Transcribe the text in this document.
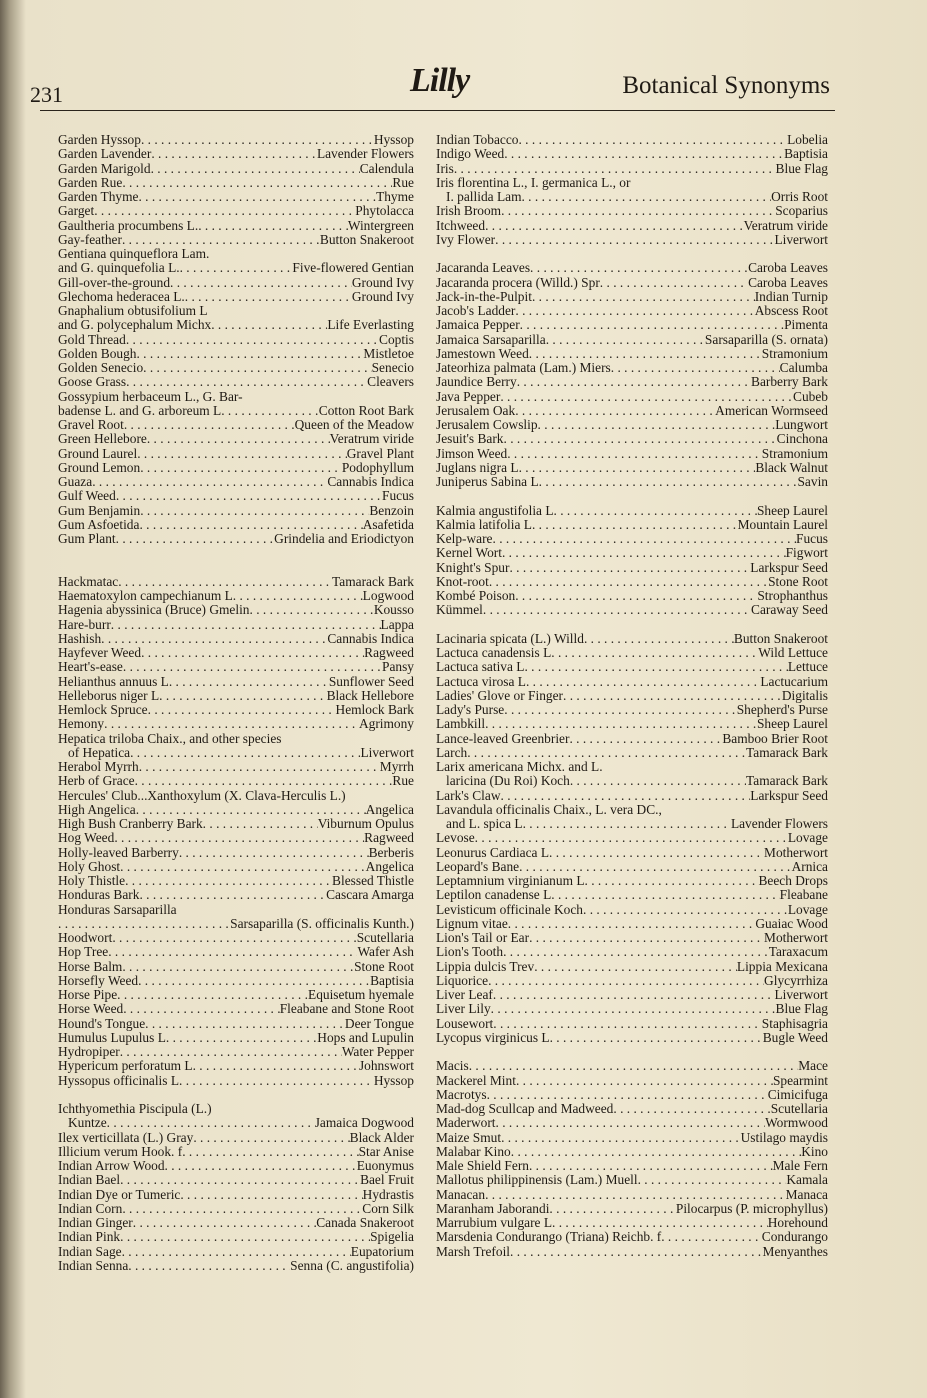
231	Lilly	Botanical Synonyms
Garden Hyssop . . .	Hyssop
Garden Lavender . . .	Lavender Flowers
Garden Marigold . . .	Calendula
Garden Rue . . .	Rue
Garden Thyme . . .	Thyme
Garget . . .	Phytolacca
Gaultheria procumbens L. . . .	Wintergreen
Gay-feather . . .	Button Snakeroot
Gentiana quinqueflora Lam.
and G. quinquefolia L. . . .	Five-flowered Gentian
Gill-over-the-ground . . .	Ground Ivy
Glechoma hederacea L. . . .	Ground Ivy
Gnaphalium obtusifolium L
and G. polycephalum Michx . . .	Life Everlasting
Gold Thread . . .	Coptis
Golden Bough . . .	Mistletoe
Golden Senecio . . .	Senecio
Goose Grass . . .	Cleavers
Gossypium herbaceum L., G. Bar-
badense L. and G. arboreum L . . .	Cotton Root Bark
Gravel Root . . .	Queen of the Meadow
Green Hellebore . . .	Veratrum viride
Ground Laurel . . .	Gravel Plant
Ground Lemon . . .	Podophyllum
Guaza . . .	Cannabis Indica
Gulf Weed . . .	Fucus
Gum Benjamin . . .	Benzoin
Gum Asfoetida . . .	Asafetida
Gum Plant . . .	Grindelia and Eriodictyon
Hackmatac . . .	Tamarack Bark
Haematoxylon campechianum L . . .	Logwood
Hagenia abyssinica (Bruce) Gmelin . . .	Kousso
Hare-burr . . .	Lappa
Hashish . . .	Cannabis Indica
Hayfever Weed . . .	Ragweed
Heart's-ease . . .	Pansy
Helianthus annuus L . . .	Sunflower Seed
Helleborus niger L . . .	Black Hellebore
Hemlock Spruce . . .	Hemlock Bark
Hemony . . .	Agrimony
Hepatica triloba Chaix., and other species
of Hepatica . . .	Liverwort
Herabol Myrrh . . .	Myrrh
Herb of Grace . . .	Rue
Hercules' Club...Xanthoxylum (X. Clava-Herculis L.)
High Angelica . . .	Angelica
High Bush Cranberry Bark . . .	Viburnum Opulus
Hog Weed . . .	Ragweed
Holly-leaved Barberry . . .	Berberis
Holy Ghost . . .	Angelica
Holy Thistle . . .	Blessed Thistle
Honduras Bark . . .	Cascara Amarga
Honduras Sarsaparilla
. . .
Sarsaparilla (S. officinalis Kunth.)
Hoodwort . . .	Scutellaria
Hop Tree . . .	Wafer Ash
Horse Balm . . .	Stone Root
Horsefly Weed . . .	Baptisia
Horse Pipe . . .	Equisetum hyemale
Horse Weed . . .	Fleabane and Stone Root
Hound's Tongue . . .	Deer Tongue
Humulus Lupulus L . . .	Hops and Lupulin
Hydropiper . . .	Water Pepper
Hypericum perforatum L . . .	Johnswort
Hyssopus officinalis L . . .	Hyssop
Ichthyomethia Piscipula (L.)
Kuntze . . .	Jamaica Dogwood
Ilex verticillata (L.) Gray . . .	Black Alder
Illicium verum Hook. f . . .	Star Anise
Indian Arrow Wood . . .	Euonymus
Indian Bael . . .	Bael Fruit
Indian Dye or Tumeric . . .	Hydrastis
Indian Corn . . .	Corn Silk
Indian Ginger . . .	Canada Snakeroot
Indian Pink . . .	Spigelia
Indian Sage . . .	Eupatorium
Indian Senna . . .	Senna (C. angustifolia)
Indian Tobacco . . .	Lobelia
Indigo Weed . . .	Baptisia
Iris . . .	Blue Flag
Iris florentina L., I. germanica L., or
I. pallida Lam . . .	Orris Root
Irish Broom . . .	Scoparius
Itchweed . . .	Veratrum viride
Ivy Flower . . .	Liverwort
Jacaranda Leaves . . .	Caroba Leaves
Jacaranda procera (Willd.) Spr . . .	Caroba Leaves
Jack-in-the-Pulpit . . .	Indian Turnip
Jacob's Ladder . . .	Abscess Root
Jamaica Pepper . . .	Pimenta
Jamaica Sarsaparilla . . .	Sarsaparilla (S. ornata)
Jamestown Weed . . .	Stramonium
Jateorhiza palmata (Lam.) Miers . . .	Calumba
Jaundice Berry . . .	Barberry Bark
Java Pepper . . .	Cubeb
Jerusalem Oak . . .	American Wormseed
Jerusalem Cowslip . . .	Lungwort
Jesuit's Bark . . .	Cinchona
Jimson Weed . . .	Stramonium
Juglans nigra L . . .	Black Walnut
Juniperus Sabina L . . .	Savin
Kalmia angustifolia L . . .	Sheep Laurel
Kalmia latifolia L . . .	Mountain Laurel
Kelp-ware . . .	Fucus
Kernel Wort . . .	Figwort
Knight's Spur . . .	Larkspur Seed
Knot-root . . .	Stone Root
Kombé Poison . . .	Strophanthus
Kümmel . . .	Caraway Seed
Lacinaria spicata (L.) Willd . . .	Button Snakeroot
Lactuca canadensis L . . .	Wild Lettuce
Lactuca sativa L . . .	Lettuce
Lactuca virosa L . . .	Lactucarium
Ladies' Glove or Finger . . .	Digitalis
Lady's Purse . . .	Shepherd's Purse
Lambkill . . .	Sheep Laurel
Lance-leaved Greenbrier . . .	Bamboo Brier Root
Larch . . .	Tamarack Bark
Larix americana Michx. and L.
laricina (Du Roi) Koch . . .	Tamarack Bark
Lark's Claw . . .	Larkspur Seed
Lavandula officinalis Chaix., L. vera DC.,
and L. spica L . . .	Lavender Flowers
Levose . . .	Lovage
Leonurus Cardiaca L . . .	Motherwort
Leopard's Bane . . .	Arnica
Leptamnium virginianum L . . .	Beech Drops
Leptilon canadense L . . .	Fleabane
Levisticum officinale Koch . . .	Lovage
Lignum vitae . . .	Guaiac Wood
Lion's Tail or Ear . . .	Motherwort
Lion's Tooth . . .	Taraxacum
Lippia dulcis Trev . . .	Lippia Mexicana
Liquorice . . .	Glycyrrhiza
Liver Leaf . . .	Liverwort
Liver Lily . . .	Blue Flag
Lousewort . . .	Staphisagria
Lycopus virginicus L . . .	Bugle Weed
Macis . . .	Mace
Mackerel Mint . . .	Spearmint
Macrotys . . .	Cimicifuga
Mad-dog Scullcap and Madweed . . .	Scutellaria
Maderwort . . .	Wormwood
Maize Smut . . .	Ustilago maydis
Malabar Kino . . .	Kino
Male Shield Fern . . .	Male Fern
Mallotus philippinensis (Lam.) Muell . . .	Kamala
Manacan . . .	Manaca
Maranham Jaborandi . . .	Pilocarpus (P. microphyllus)
Marrubium vulgare L . . .	Horehound
Marsdenia Condurango (Triana) Reichb. f . . .	Condurango
Marsh Trefoil . . .	Menyanthes
